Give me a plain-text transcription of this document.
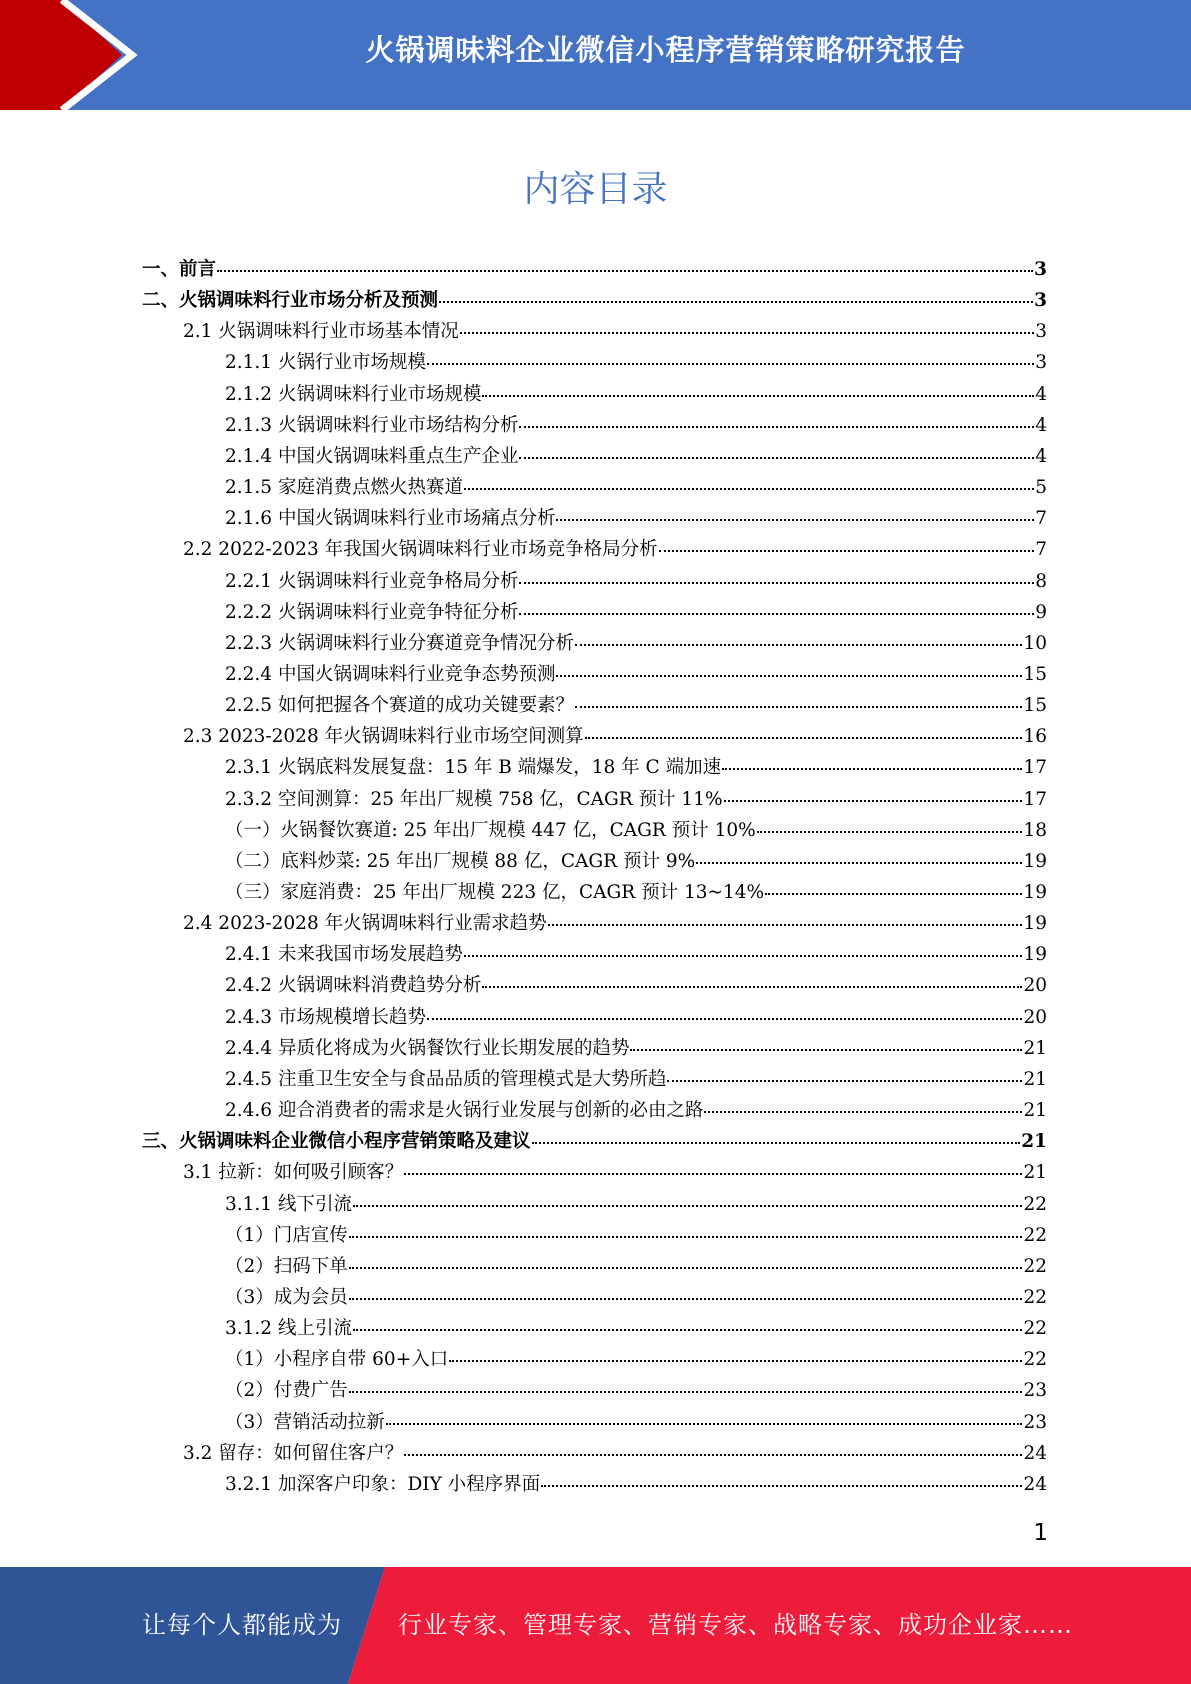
火锅调味料企业微信小程序营销策略研究报告
内容目录
一、前言	3
二、火锅调味料行业市场分析及预测	3
2.1 火锅调味料行业市场基本情况	3
2.1.1 火锅行业市场规模	3
2.1.2 火锅调味料行业市场规模	4
2.1.3 火锅调味料行业市场结构分析	4
2.1.4 中国火锅调味料重点生产企业	4
2.1.5 家庭消费点燃火热赛道	5
2.1.6 中国火锅调味料行业市场痛点分析	7
2.2 2022-2023 年我国火锅调味料行业市场竞争格局分析	7
2.2.1 火锅调味料行业竞争格局分析	8
2.2.2 火锅调味料行业竞争特征分析	9
2.2.3 火锅调味料行业分赛道竞争情况分析	10
2.2.4 中国火锅调味料行业竞争态势预测	15
2.2.5 如何把握各个赛道的成功关键要素？	15
2.3 2023-2028 年火锅调味料行业市场空间测算	16
2.3.1 火锅底料发展复盘：15 年 B 端爆发，18 年 C 端加速	17
2.3.2 空间测算：25 年出厂规模 758 亿，CAGR 预计 11%	17
（一）火锅餐饮赛道: 25 年出厂规模 447 亿，CAGR 预计 10%	18
（二）底料炒菜: 25 年出厂规模 88 亿，CAGR 预计 9%	19
（三）家庭消费：25 年出厂规模 223 亿，CAGR 预计 13~14%	19
2.4 2023-2028 年火锅调味料行业需求趋势	19
2.4.1 未来我国市场发展趋势	19
2.4.2 火锅调味料消费趋势分析	20
2.4.3 市场规模增长趋势	20
2.4.4 异质化将成为火锅餐饮行业长期发展的趋势	21
2.4.5 注重卫生安全与食品品质的管理模式是大势所趋	21
2.4.6 迎合消费者的需求是火锅行业发展与创新的必由之路	21
三、火锅调味料企业微信小程序营销策略及建议	21
3.1 拉新：如何吸引顾客？	21
3.1.1 线下引流	22
（1）门店宣传	22
（2）扫码下单	22
（3）成为会员	22
3.1.2 线上引流	22
（1）小程序自带 60+入口	22
（2）付费广告	23
（3）营销活动拉新	23
3.2 留存：如何留住客户？	24
3.2.1 加深客户印象：DIY 小程序界面	24
1
让每个人都能成为 行业专家、管理专家、营销专家、战略专家、成功企业家……
